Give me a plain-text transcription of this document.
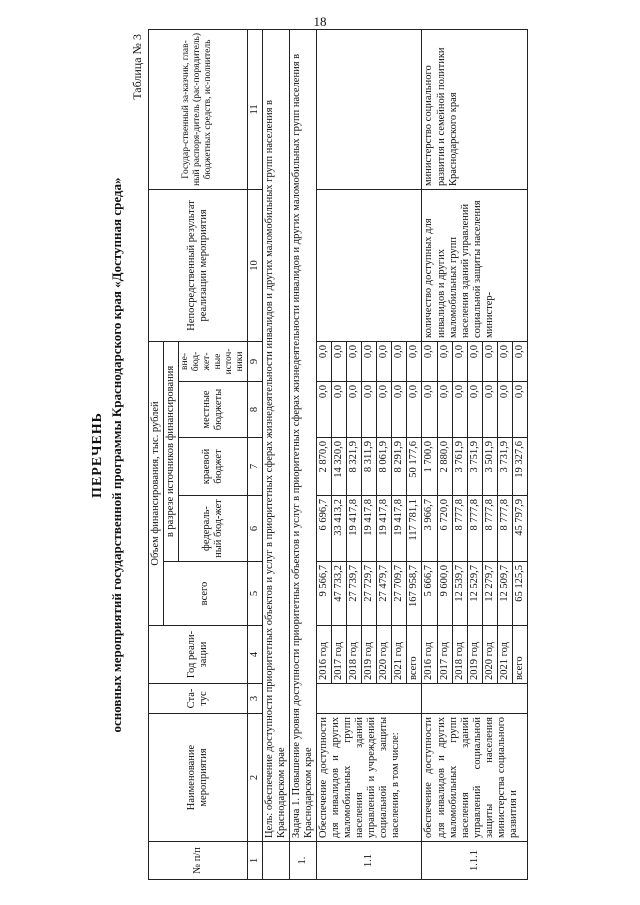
18
ПЕРЕЧЕНЬ основных мероприятий государственной программы Краснодарского края «Доступная среда»
Таблица № 3
№ п/п	Наименование мероприятия	Ста-тус	Год реали-зации	Объем финансирования, тыс. рублей					Непосредственный результат реализации мероприятия	Государ-ственный за-казчик, глав-ный распоря-дитель (рас-порядитель) бюджетных средств, ис-полнитель
				всего	в разрезе источников финансирования					
					федераль-ный бюд-жет	краевой бюджет	местные бюджеты	вне-бюд-жет-ные источ-ники		
1	2	3	4	5	6	7	8	9	10	11
	Цель: обеспечение доступности приоритетных объектов и услуг в приоритетных сферах жизнедеятельности инвалидов и других маломобильных групп населения в Краснодарском крае									
1.	Задача 1. Повышение уровня доступности приоритетных объектов и услуг в приоритетных сферах жизнедеятельности инвалидов и других маломобильных групп населения в Краснодарском крае									
1.1	Обеспечение доступности для инвалидов и других маломобильных групп населения зданий управлений и учреждений социальной защиты населения, в том числе:		2016 год	9 566,7	6 696,7	2 870,0	0,0	0,0		
			2017 год	47 733,2	33 413,2	14 320,0	0,0	0,0		
			2018 год	27 739,7	19 417,8	8 321,9	0,0	0,0		
			2019 год	27 729,7	19 417,8	8 311,9	0,0	0,0		
			2020 год	27 479,7	19 417,8	8 061,9	0,0	0,0		
			2021 год	27 709,7	19 417,8	8 291,9	0,0	0,0		
			всего	167 958,7	117 781,1	50 177,6	0,0	0,0		
1.1.1	обеспечение доступности для инвалидов и других маломобильных групп населения зданий управлений социальной защиты населения министерства социального развития и		2016 год	5 666,7	3 966,7	1 700,0	0,0	0,0	количество доступных для инвалидов и других маломобильных групп населения зданий управлений социальной защиты населения министер-	министерство социального развития и семейной политики Краснодарского края
			2017 год	9 600,0	6 720,0	2 880,0	0,0	0,0		
			2018 год	12 539,7	8 777,8	3 761,9	0,0	0,0		
			2019 год	12 529,7	8 777,8	3 751,9	0,0	0,0		
			2020 год	12 279,7	8 777,8	3 501,9	0,0	0,0		
			2021 год	12 509,7	8 777,8	3 731,9	0,0	0,0		
			всего	65 125,5	45 797,9	19 327,6	0,0	0,0		
